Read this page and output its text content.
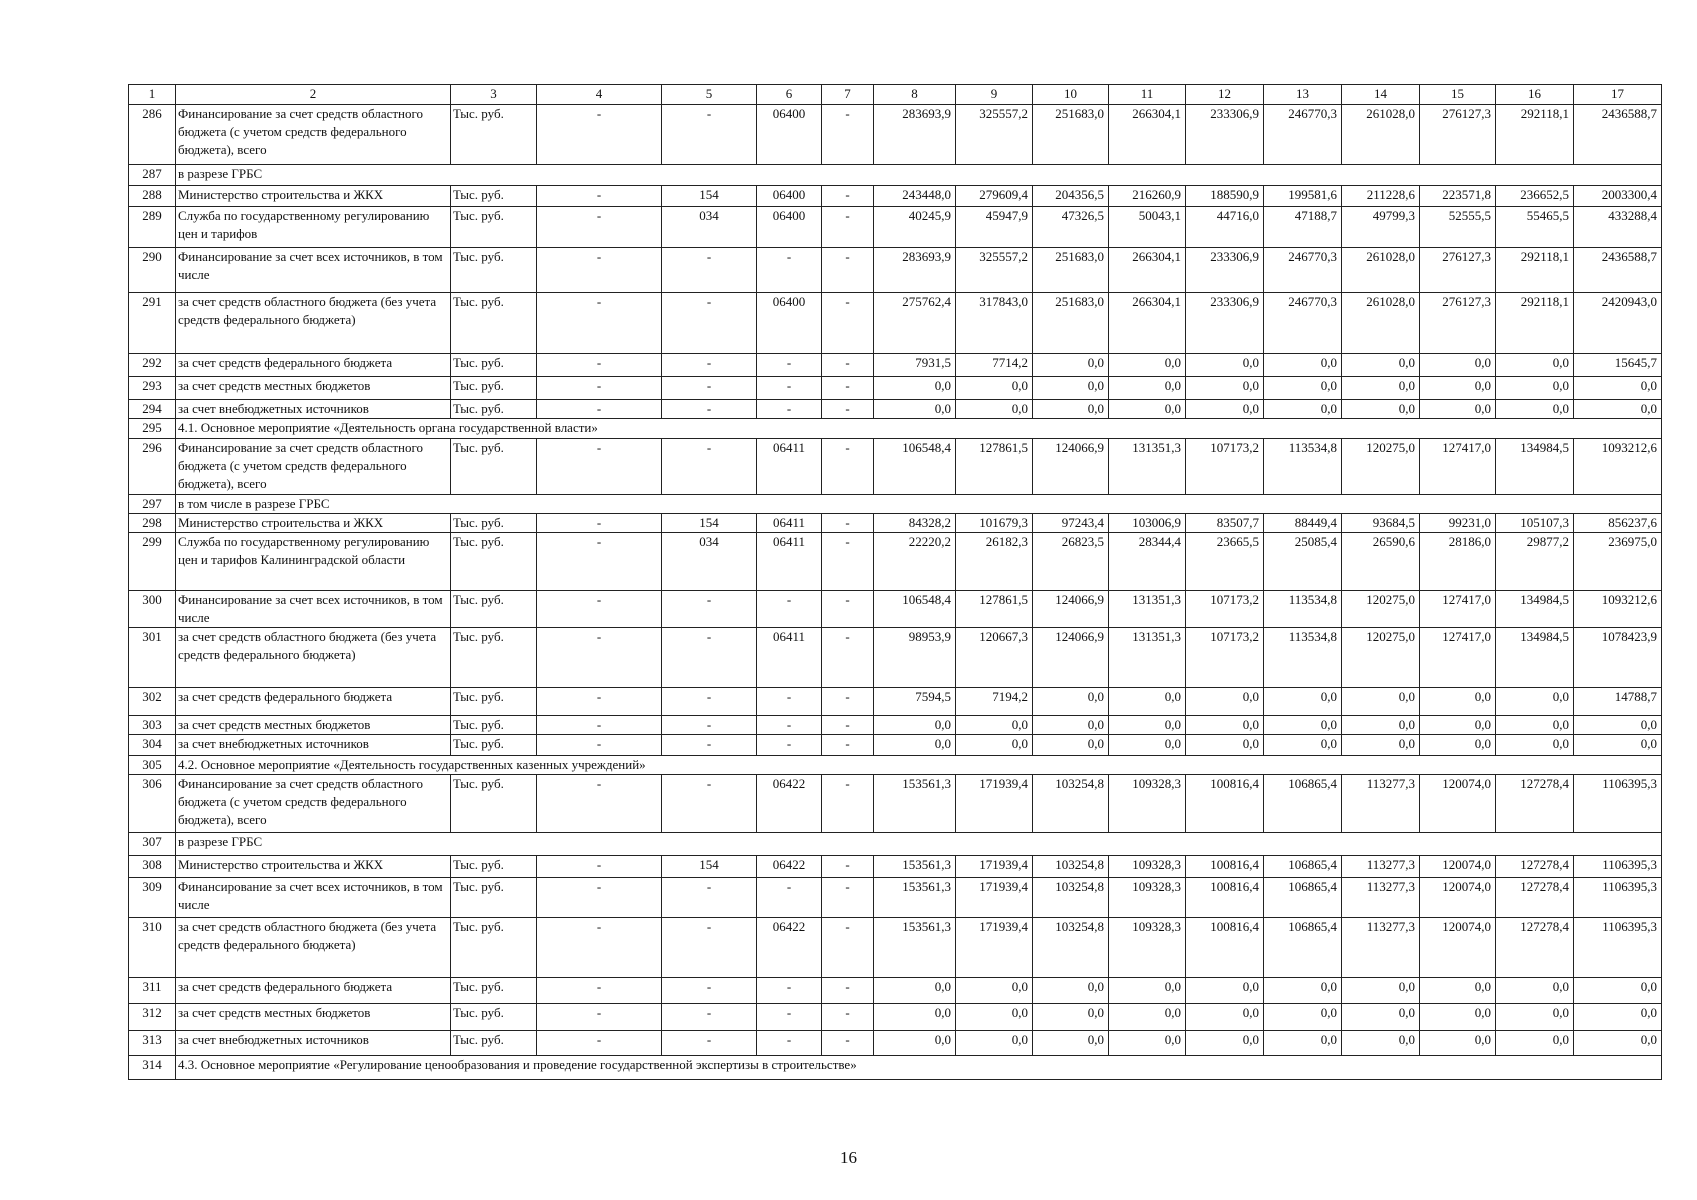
1	2	3	4	5	6	7	8	9	10	11	12	13	14	15	16	17
286	Финансирование за счет средств областного бюджета (с учетом средств федерального бюджета), всего	Тыс. руб.	-	-	06400	-	283693,9	325557,2	251683,0	266304,1	233306,9	246770,3	261028,0	276127,3	292118,1	2436588,7
287	в разрезе ГРБС															
288	Министерство строительства и ЖКХ	Тыс. руб.	-	154	06400	-	243448,0	279609,4	204356,5	216260,9	188590,9	199581,6	211228,6	223571,8	236652,5	2003300,4
289	Служба по государственному регулированию цен и тарифов	Тыс. руб.	-	034	06400	-	40245,9	45947,9	47326,5	50043,1	44716,0	47188,7	49799,3	52555,5	55465,5	433288,4
290	Финансирование за счет всех источников, в том числе	Тыс. руб.	-	-	-	-	283693,9	325557,2	251683,0	266304,1	233306,9	246770,3	261028,0	276127,3	292118,1	2436588,7
291	за счет средств областного бюджета (без учета средств федерального бюджета)	Тыс. руб.	-	-	06400	-	275762,4	317843,0	251683,0	266304,1	233306,9	246770,3	261028,0	276127,3	292118,1	2420943,0
292	за счет средств федерального бюджета	Тыс. руб.	-	-	-	-	7931,5	7714,2	0,0	0,0	0,0	0,0	0,0	0,0	0,0	15645,7
293	за счет средств местных бюджетов	Тыс. руб.	-	-	-	-	0,0	0,0	0,0	0,0	0,0	0,0	0,0	0,0	0,0	0,0
294	за счет внебюджетных источников	Тыс. руб.	-	-	-	-	0,0	0,0	0,0	0,0	0,0	0,0	0,0	0,0	0,0	0,0
295	4.1. Основное мероприятие «Деятельность органа государственной власти»															
296	Финансирование за счет средств областного бюджета (с учетом средств федерального бюджета), всего	Тыс. руб.	-	-	06411	-	106548,4	127861,5	124066,9	131351,3	107173,2	113534,8	120275,0	127417,0	134984,5	1093212,6
297	в том числе в разрезе ГРБС															
298	Министерство строительства и ЖКХ	Тыс. руб.	-	154	06411	-	84328,2	101679,3	97243,4	103006,9	83507,7	88449,4	93684,5	99231,0	105107,3	856237,6
299	Служба по государственному регулированию цен и тарифов Калининградской области	Тыс. руб.	-	034	06411	-	22220,2	26182,3	26823,5	28344,4	23665,5	25085,4	26590,6	28186,0	29877,2	236975,0
300	Финансирование за счет всех источников, в том числе	Тыс. руб.	-	-	-	-	106548,4	127861,5	124066,9	131351,3	107173,2	113534,8	120275,0	127417,0	134984,5	1093212,6
301	за счет средств областного бюджета (без учета средств федерального бюджета)	Тыс. руб.	-	-	06411	-	98953,9	120667,3	124066,9	131351,3	107173,2	113534,8	120275,0	127417,0	134984,5	1078423,9
302	за счет средств федерального бюджета	Тыс. руб.	-	-	-	-	7594,5	7194,2	0,0	0,0	0,0	0,0	0,0	0,0	0,0	14788,7
303	за счет средств местных бюджетов	Тыс. руб.	-	-	-	-	0,0	0,0	0,0	0,0	0,0	0,0	0,0	0,0	0,0	0,0
304	за счет внебюджетных источников	Тыс. руб.	-	-	-	-	0,0	0,0	0,0	0,0	0,0	0,0	0,0	0,0	0,0	0,0
305	4.2. Основное мероприятие «Деятельность государственных казенных учреждений»															
306	Финансирование за счет средств областного бюджета (с учетом средств федерального бюджета), всего	Тыс. руб.	-	-	06422	-	153561,3	171939,4	103254,8	109328,3	100816,4	106865,4	113277,3	120074,0	127278,4	1106395,3
307	в разрезе ГРБС															
308	Министерство строительства и ЖКХ	Тыс. руб.	-	154	06422	-	153561,3	171939,4	103254,8	109328,3	100816,4	106865,4	113277,3	120074,0	127278,4	1106395,3
309	Финансирование за счет всех источников, в том числе	Тыс. руб.	-	-	-	-	153561,3	171939,4	103254,8	109328,3	100816,4	106865,4	113277,3	120074,0	127278,4	1106395,3
310	за счет средств областного бюджета (без учета средств федерального бюджета)	Тыс. руб.	-	-	06422	-	153561,3	171939,4	103254,8	109328,3	100816,4	106865,4	113277,3	120074,0	127278,4	1106395,3
311	за счет средств федерального бюджета	Тыс. руб.	-	-	-	-	0,0	0,0	0,0	0,0	0,0	0,0	0,0	0,0	0,0	0,0
312	за счет средств местных бюджетов	Тыс. руб.	-	-	-	-	0,0	0,0	0,0	0,0	0,0	0,0	0,0	0,0	0,0	0,0
313	за счет внебюджетных источников	Тыс. руб.	-	-	-	-	0,0	0,0	0,0	0,0	0,0	0,0	0,0	0,0	0,0	0,0
314	4.3. Основное мероприятие «Регулирование ценообразования и проведение государственной экспертизы в строительстве»															
16
